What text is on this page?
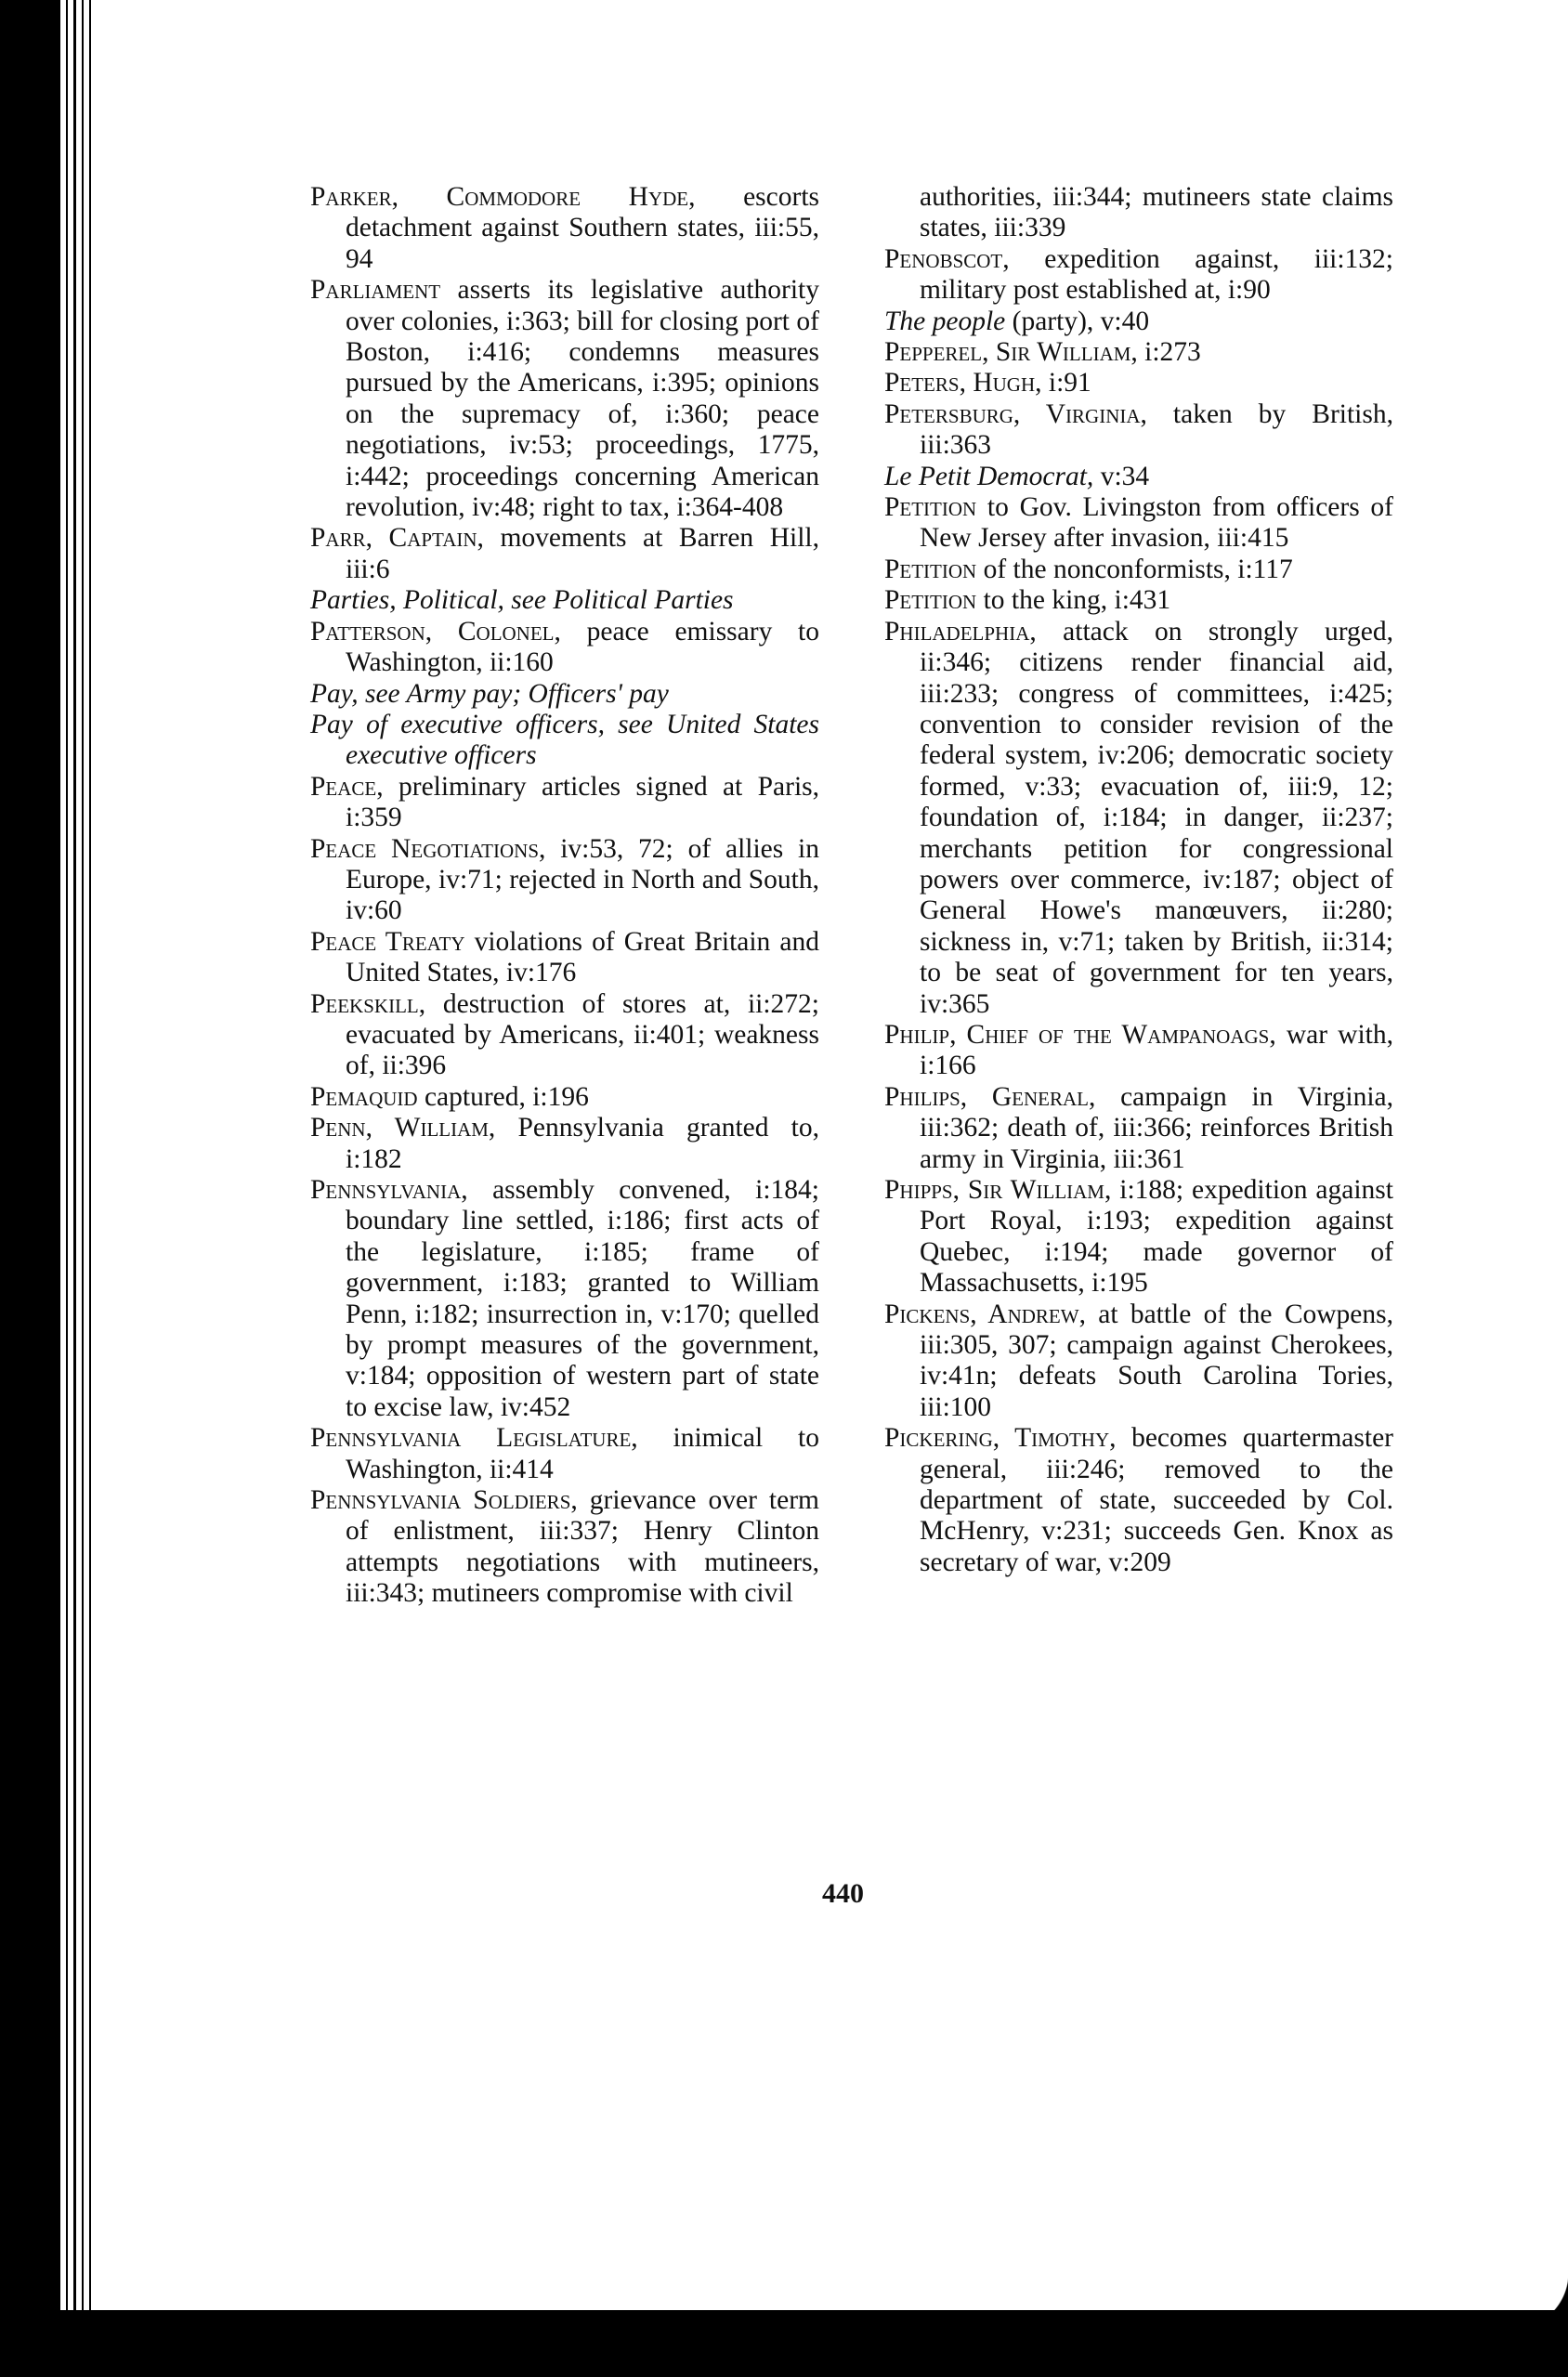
Parker, Commodore Hyde, escorts detachment against Southern states, iii:55, 94
Parliament asserts its legislative authority over colonies, i:363; bill for closing port of Boston, i:416; condemns measures pursued by the Americans, i:395; opinions on the supremacy of, i:360; peace negotiations, iv:53; proceedings, 1775, i:442; proceedings concerning American revolution, iv:48; right to tax, i:364-408
Parr, Captain, movements at Barren Hill, iii:6
Parties, Political, see Political Parties
Patterson, Colonel, peace emissary to Washington, ii:160
Pay, see Army pay; Officers' pay
Pay of executive officers, see United States executive officers
Peace, preliminary articles signed at Paris, i:359
Peace Negotiations, iv:53, 72; of allies in Europe, iv:71; rejected in North and South, iv:60
Peace Treaty violations of Great Britain and United States, iv:176
Peekskill, destruction of stores at, ii:272; evacuated by Americans, ii:401; weakness of, ii:396
Pemaquid captured, i:196
Penn, William, Pennsylvania granted to, i:182
Pennsylvania, assembly convened, i:184; boundary line settled, i:186; first acts of the legislature, i:185; frame of government, i:183; granted to William Penn, i:182; insurrection in, v:170; quelled by prompt measures of the government, v:184; opposition of western part of state to excise law, iv:452
Pennsylvania Legislature, inimical to Washington, ii:414
Pennsylvania Soldiers, grievance over term of enlistment, iii:337; Henry Clinton attempts negotiations with mutineers, iii:343; mutineers compromise with civil
authorities, iii:344; mutineers state claims states, iii:339
Penobscot, expedition against, iii:132; military post established at, i:90
The people (party), v:40
Pepperel, Sir William, i:273
Peters, Hugh, i:91
Petersburg, Virginia, taken by British, iii:363
Le Petit Democrat, v:34
Petition to Gov. Livingston from officers of New Jersey after invasion, iii:415
Petition of the nonconformists, i:117
Petition to the king, i:431
Philadelphia, attack on strongly urged, ii:346; citizens render financial aid, iii:233; congress of committees, i:425; convention to consider revision of the federal system, iv:206; democratic society formed, v:33; evacuation of, iii:9, 12; foundation of, i:184; in danger, ii:237; merchants petition for congressional powers over commerce, iv:187; object of General Howe's manœuvers, ii:280; sickness in, v:71; taken by British, ii:314; to be seat of government for ten years, iv:365
Philip, Chief of the Wampanoags, war with, i:166
Philips, General, campaign in Virginia, iii:362; death of, iii:366; reinforces British army in Virginia, iii:361
Phipps, Sir William, i:188; expedition against Port Royal, i:193; expedition against Quebec, i:194; made governor of Massachusetts, i:195
Pickens, Andrew, at battle of the Cowpens, iii:305, 307; campaign against Cherokees, iv:41n; defeats South Carolina Tories, iii:100
Pickering, Timothy, becomes quartermaster general, iii:246; removed to the department of state, succeeded by Col. McHenry, v:231; succeeds Gen. Knox as secretary of war, v:209
440
